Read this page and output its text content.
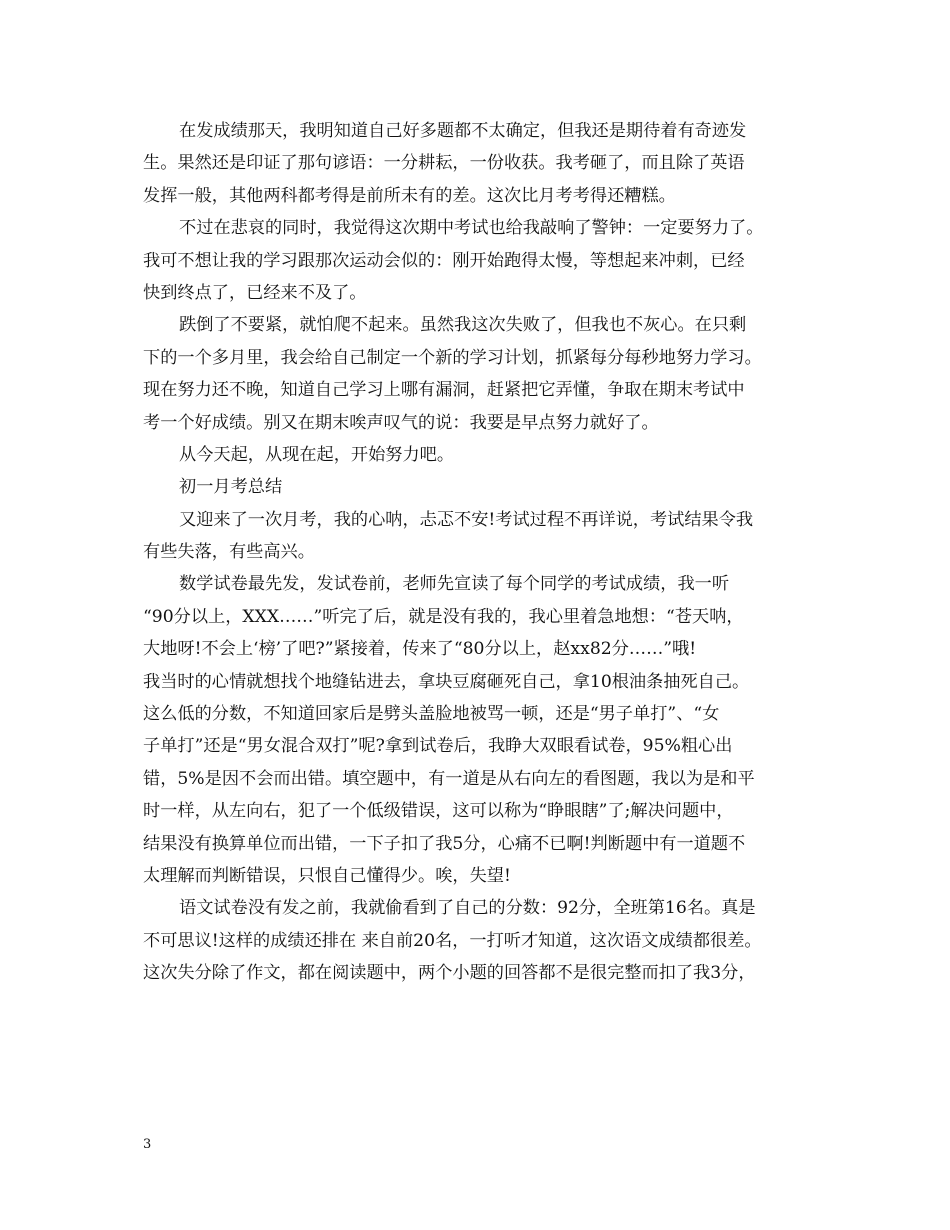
在发成绩那天，我明知道自己好多题都不太确定，但我还是期待着有奇迹发
生。果然还是印证了那句谚语：一分耕耘，一份收获。我考砸了，而且除了英语
发挥一般，其他两科都考得是前所未有的差。这次比月考考得还糟糕。
不过在悲哀的同时，我觉得这次期中考试也给我敲响了警钟：一定要努力了。
我可不想让我的学习跟那次运动会似的：刚开始跑得太慢，等想起来冲刺，已经
快到终点了，已经来不及了。
跌倒了不要紧，就怕爬不起来。虽然我这次失败了，但我也不灰心。在只剩
下的一个多月里，我会给自己制定一个新的学习计划，抓紧每分每秒地努力学习。
现在努力还不晚，知道自己学习上哪有漏洞，赶紧把它弄懂，争取在期末考试中
考一个好成绩。别又在期末唉声叹气的说：我要是早点努力就好了。
从今天起，从现在起，开始努力吧。
初一月考总结
又迎来了一次月考，我的心呐，忐忑不安!考试过程不再详说，考试结果令我
有些失落，有些高兴。
数学试卷最先发，发试卷前，老师先宣读了每个同学的考试成绩，我一听
“90分以上，XXX……”听完了后，就是没有我的，我心里着急地想：“苍天呐，
大地呀!不会上‘榜’了吧?”紧接着，传来了“80分以上，赵xx82分……”哦!
我当时的心情就想找个地缝钻进去，拿块豆腐砸死自己，拿10根油条抽死自己。
这么低的分数，不知道回家后是劈头盖脸地被骂一顿，还是“男子单打”、“女
子单打”还是“男女混合双打”呢?拿到试卷后，我睁大双眼看试卷，95%粗心出
错，5%是因不会而出错。填空题中，有一道是从右向左的看图题，我以为是和平
时一样，从左向右，犯了一个低级错误，这可以称为“睁眼瞎”了;解决问题中，
结果没有换算单位而出错，一下子扣了我5分，心痛不已啊!判断题中有一道题不
太理解而判断错误，只恨自己懂得少。唉，失望!
语文试卷没有发之前，我就偷看到了自己的分数：92分，全班第16名。真是
不可思议!这样的成绩还排在 来自前20名，一打听才知道，这次语文成绩都很差。
这次失分除了作文，都在阅读题中，两个小题的回答都不是很完整而扣了我3分，
3
